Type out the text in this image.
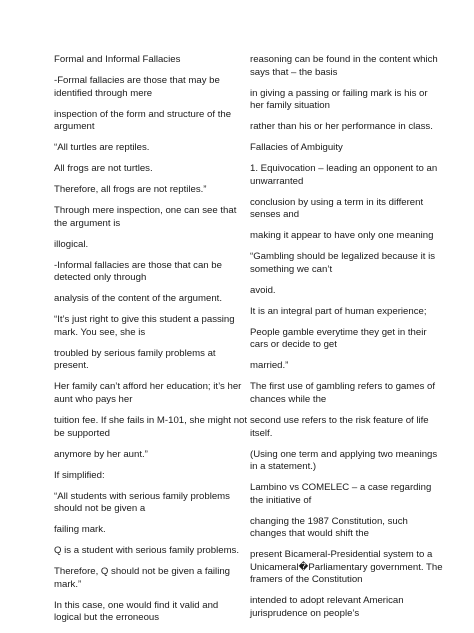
Formal and Informal Fallacies

-Formal fallacies are those that may be identified through mere

inspection of the form and structure of the argument

“All turtles are reptiles.

All frogs are not turtles.

Therefore, all frogs are not reptiles.”

Through mere inspection, one can see that the argument is

illogical.

-Informal fallacies are those that can be detected only through

analysis of the content of the argument.

“It’s just right to give this student a passing mark. You see, she is

troubled by serious family problems at present.

Her family can’t afford her education; it’s her aunt who pays her

tuition fee. If she fails in M-101, she might not be supported

anymore by her aunt.”

If simplified:

“All students with serious family problems should not be given a

failing mark.

Q is a student with serious family problems.

Therefore, Q should not be given a failing mark.”

In this case, one would find it valid and logical but the erroneous

reasoning can be found in the content which says that – the basis

in giving a passing or failing mark is his or her family situation

rather than his or her performance in class.

Fallacies of Ambiguity

1. Equivocation – leading an opponent to an unwarranted

conclusion by using a term in its different senses and

making it appear to have only one meaning

“Gambling should be legalized because it is something we can’t

avoid.

It is an integral part of human experience;

People gamble everytime they get in their cars or decide to get

married.”

The first use of gambling refers to games of chances while the

second use refers to the risk feature of life itself.

(Using one term and applying two meanings in a statement.)

Lambino vs COMELEC – a case regarding the initiative of

changing the 1987 Constitution, such changes that would shift the

present Bicameral-Presidential system to a Unicameral�Parliamentary government. The framers of the Constitution

intended to adopt relevant American jurisprudence on people’s
